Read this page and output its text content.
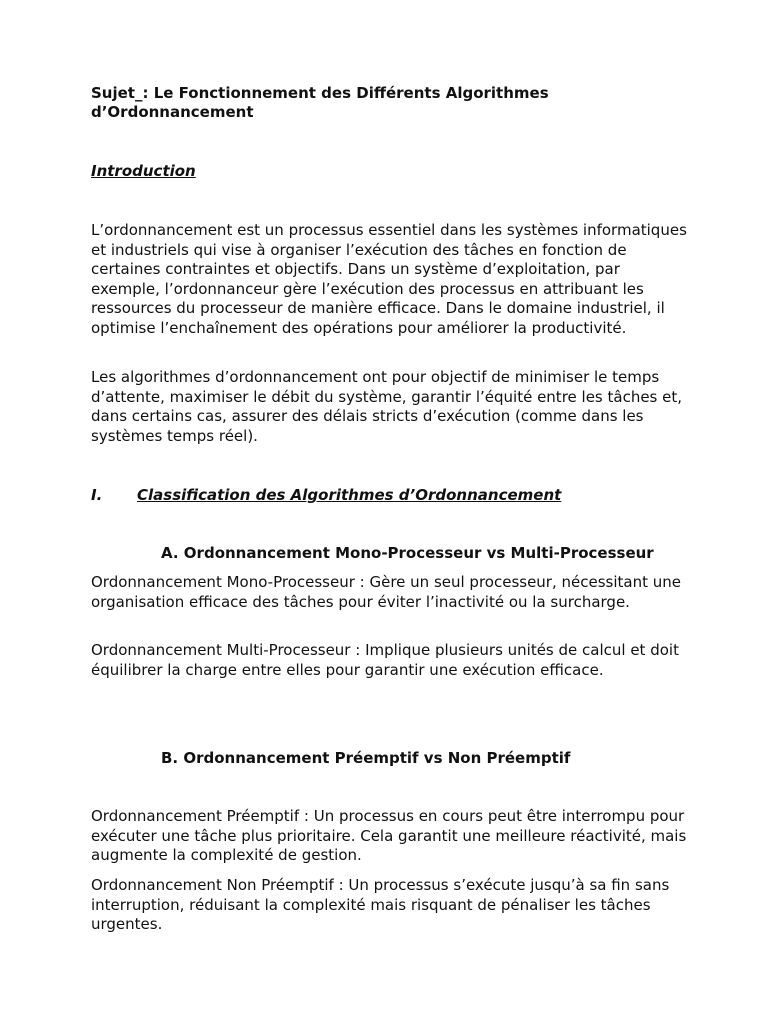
Sujet_: Le Fonctionnement des Différents Algorithmes d’Ordonnancement

Introduction

L’ordonnancement est un processus essentiel dans les systèmes informatiques et industriels qui vise à organiser l’exécution des tâches en fonction de certaines contraintes et objectifs. Dans un système d’exploitation, par exemple, l’ordonnanceur gère l’exécution des processus en attribuant les ressources du processeur de manière efficace. Dans le domaine industriel, il optimise l’enchaînement des opérations pour améliorer la productivité.

Les algorithmes d’ordonnancement ont pour objectif de minimiser le temps d’attente, maximiser le débit du système, garantir l’équité entre les tâches et, dans certains cas, assurer des délais stricts d’exécution (comme dans les systèmes temps réel).

I. Classification des Algorithmes d’Ordonnancement
A. Ordonnancement Mono-Processeur vs Multi-Processeur

Ordonnancement Mono-Processeur : Gère un seul processeur, nécessitant une organisation efficace des tâches pour éviter l’inactivité ou la surcharge.

Ordonnancement Multi-Processeur : Implique plusieurs unités de calcul et doit équilibrer la charge entre elles pour garantir une exécution efficace.

B. Ordonnancement Préemptif vs Non Préemptif

Ordonnancement Préemptif : Un processus en cours peut être interrompu pour exécuter une tâche plus prioritaire. Cela garantit une meilleure réactivité, mais augmente la complexité de gestion.

Ordonnancement Non Préemptif : Un processus s’exécute jusqu’à sa fin sans interruption, réduisant la complexité mais risquant de pénaliser les tâches urgentes.
